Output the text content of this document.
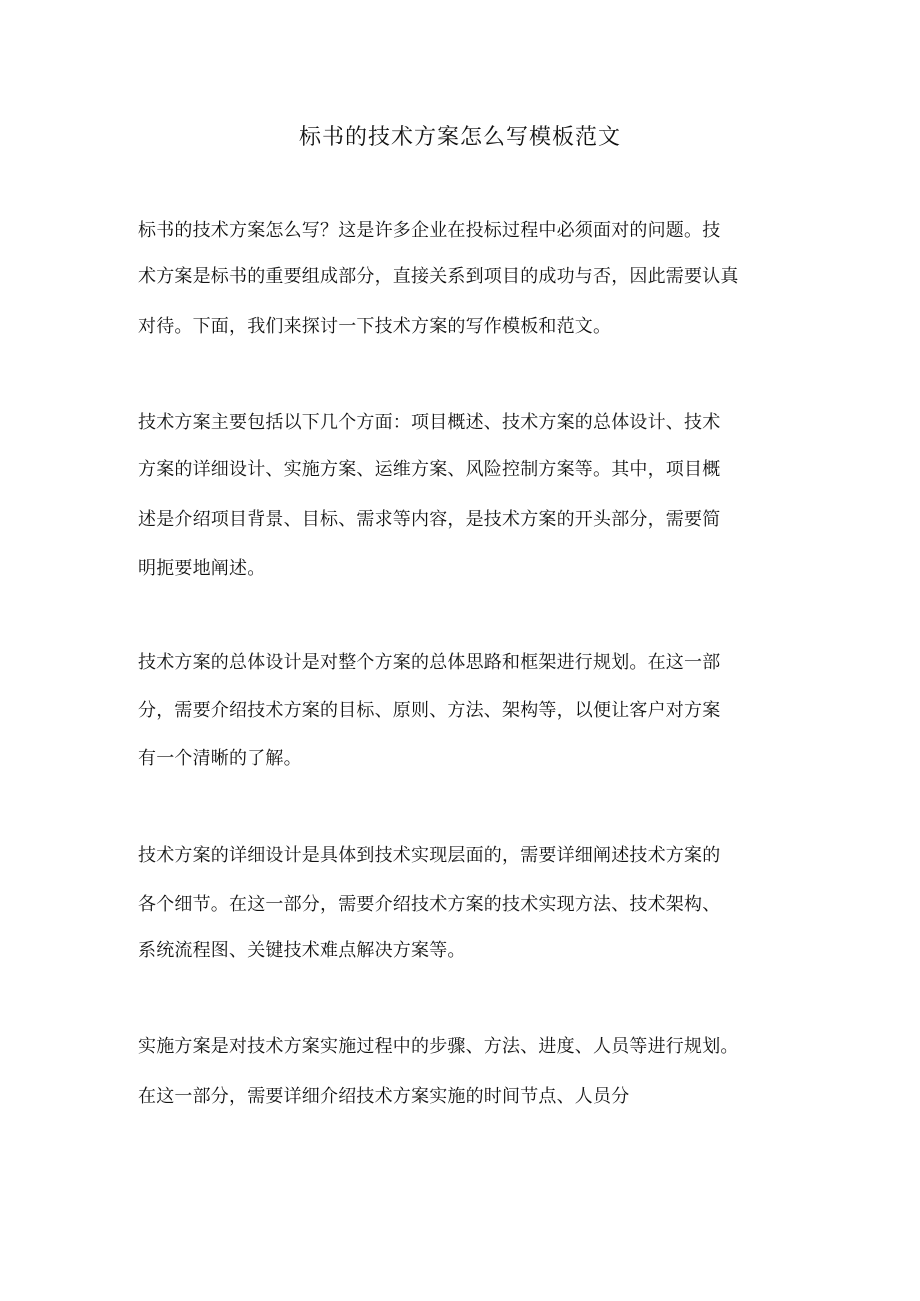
标书的技术方案怎么写模板范文

标书的技术方案怎么写？这是许多企业在投标过程中必须面对的问题。技

术方案是标书的重要组成部分，直接关系到项目的成功与否，因此需要认真

对待。下面，我们来探讨一下技术方案的写作模板和范文。

技术方案主要包括以下几个方面：项目概述、技术方案的总体设计、技术

方案的详细设计、实施方案、运维方案、风险控制方案等。其中，项目概

述是介绍项目背景、目标、需求等内容，是技术方案的开头部分，需要简

明扼要地阐述。

技术方案的总体设计是对整个方案的总体思路和框架进行规划。在这一部

分，需要介绍技术方案的目标、原则、方法、架构等，以便让客户对方案

有一个清晰的了解。

技术方案的详细设计是具体到技术实现层面的，需要详细阐述技术方案的

各个细节。在这一部分，需要介绍技术方案的技术实现方法、技术架构、

系统流程图、关键技术难点解决方案等。

实施方案是对技术方案实施过程中的步骤、方法、进度、人员等进行规划。

在这一部分，需要详细介绍技术方案实施的时间节点、人员分
